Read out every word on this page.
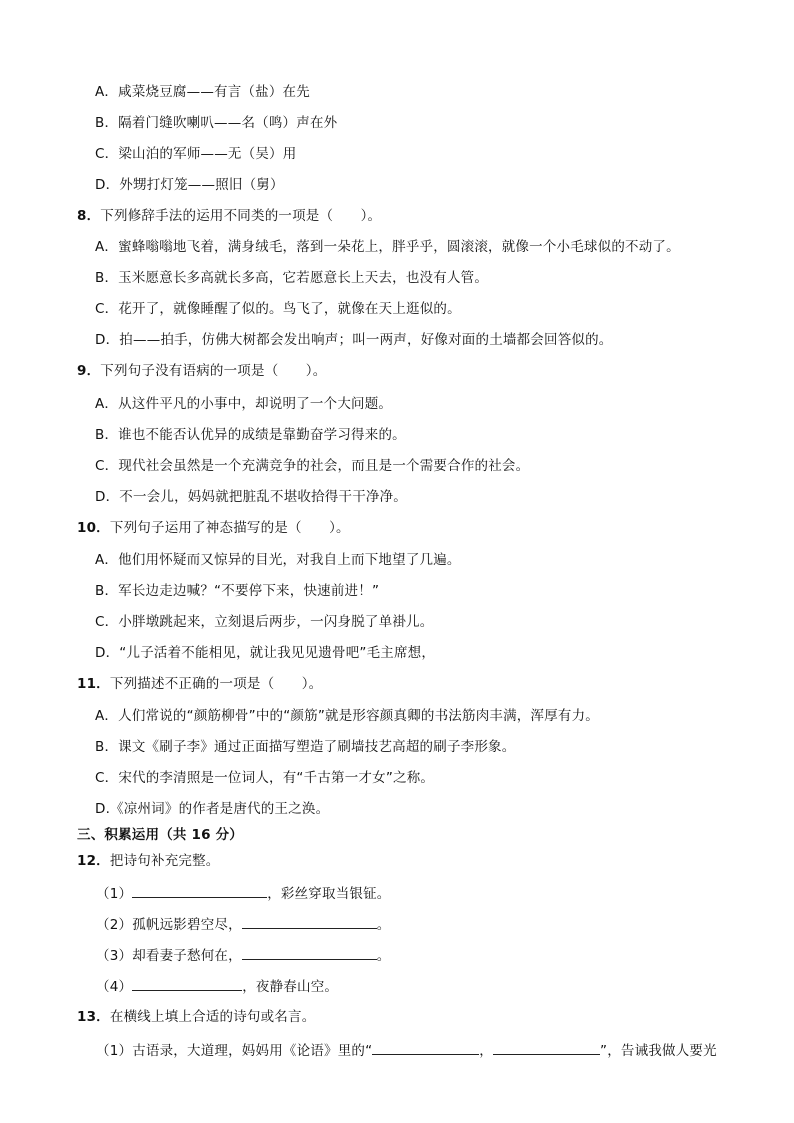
A．咸菜烧豆腐——有言（盐）在先
B．隔着门缝吹喇叭——名（鸣）声在外
C．梁山泊的军师——无（吴）用
D．外甥打灯笼——照旧（舅）
8．下列修辞手法的运用不同类的一项是（　　）。
A．蜜蜂嗡嗡地飞着，满身绒毛，落到一朵花上，胖乎乎，圆滚滚，就像一个小毛球似的不动了。
B．玉米愿意长多高就长多高，它若愿意长上天去，也没有人管。
C．花开了，就像睡醒了似的。鸟飞了，就像在天上逛似的。
D．拍——拍手，仿佛大树都会发出响声；叫一两声，好像对面的土墙都会回答似的。
9．下列句子没有语病的一项是（　　）。
A．从这件平凡的小事中，却说明了一个大问题。
B．谁也不能否认优异的成绩是靠勤奋学习得来的。
C．现代社会虽然是一个充满竞争的社会，而且是一个需要合作的社会。
D．不一会儿，妈妈就把脏乱不堪收拾得干干净净。
10．下列句子运用了神态描写的是（　　）。
A．他们用怀疑而又惊异的目光，对我自上而下地望了几遍。
B．军长边走边喊？“不要停下来，快速前进！”
C．小胖墩跳起来，立刻退后两步，一闪身脱了单褂儿。
D．“儿子活着不能相见，就让我见见遗骨吧”毛主席想，
11．下列描述不正确的一项是（　　）。
A．人们常说的“颜筋柳骨”中的“颜筋”就是形容颜真卿的书法筋肉丰满，浑厚有力。
B．课文《刷子李》通过正面描写塑造了刷墙技艺高超的刷子李形象。
C．宋代的李清照是一位词人，有“千古第一才女”之称。
D.《凉州词》的作者是唐代的王之涣。
三、积累运用（共 16 分）
12．把诗句补充完整。
（1）	，彩丝穿取当银钲。
（2）孤帆远影碧空尽，	。
（3）却看妻子愁何在，	。
（4）	，夜静春山空。
13．在横线上填上合适的诗句或名言。
（1）古语录，大道理，妈妈用《论语》里的“	，	”，告诫我做人要光
